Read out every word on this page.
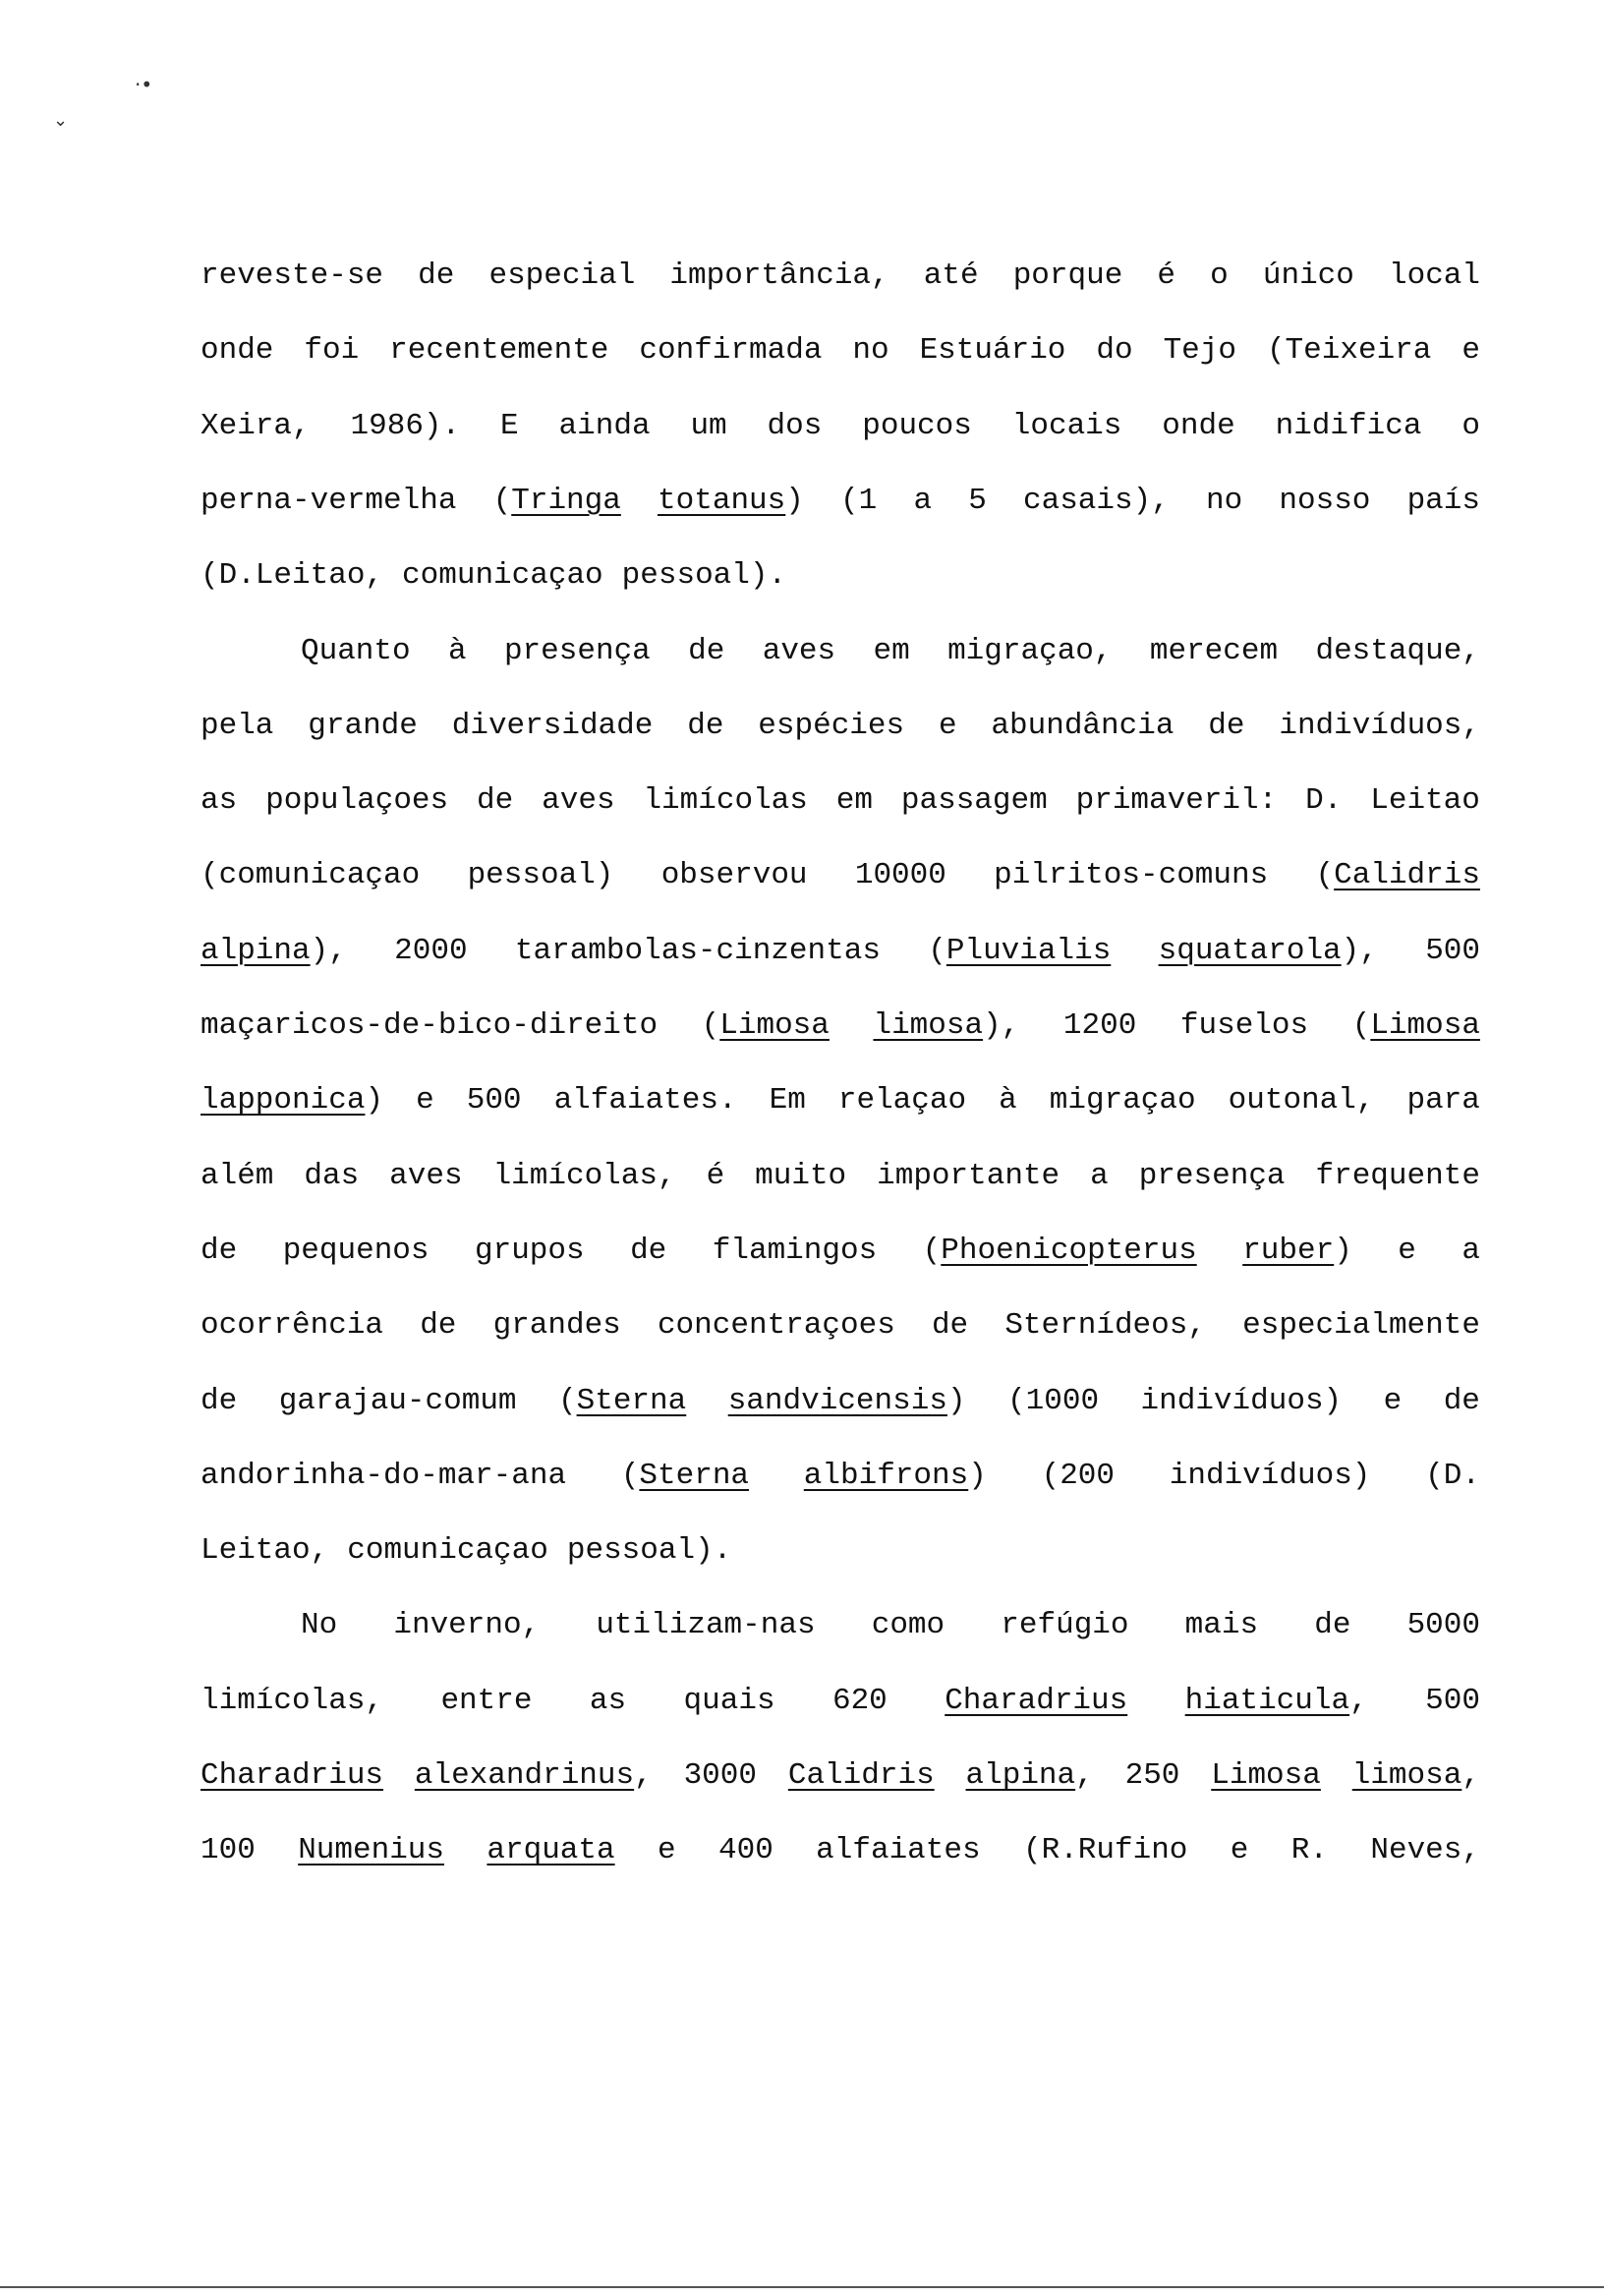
·•
⌄
reveste-se de especial importância, até porque é o único local
onde foi recentemente confirmada no Estuário do Tejo (Teixeira e
Xeira, 1986). E ainda um dos poucos locais onde nidifica o
perna-vermelha (Tringa totanus) (1 a 5 casais), no nosso país
(D.Leitao, comunicaçao pessoal).
Quanto à presença de aves em migraçao, merecem destaque,
pela grande diversidade de espécies e abundância de indivíduos,
as populaçoes de aves limícolas em passagem primaveril: D. Leitao
(comunicaçao pessoal) observou 10000 pilritos-comuns (Calidris
alpina), 2000 tarambolas-cinzentas (Pluvialis squatarola), 500
maçaricos-de-bico-direito (Limosa limosa), 1200 fuselos (Limosa
lapponica) e 500 alfaiates. Em relaçao à migraçao outonal, para
além das aves limícolas, é muito importante a presença frequente
de pequenos grupos de flamingos (Phoenicopterus ruber) e a
ocorrência de grandes concentraçoes de Sternídeos, especialmente
de garajau-comum (Sterna sandvicensis) (1000 indivíduos) e de
andorinha-do-mar-ana (Sterna albifrons) (200 indivíduos) (D.
Leitao, comunicaçao pessoal).
No inverno, utilizam-nas como refúgio mais de 5000
limícolas, entre as quais 620 Charadrius hiaticula, 500
Charadrius alexandrinus, 3000 Calidris alpina, 250 Limosa limosa,
100 Numenius arquata e 400 alfaiates (R.Rufino e R. Neves,
